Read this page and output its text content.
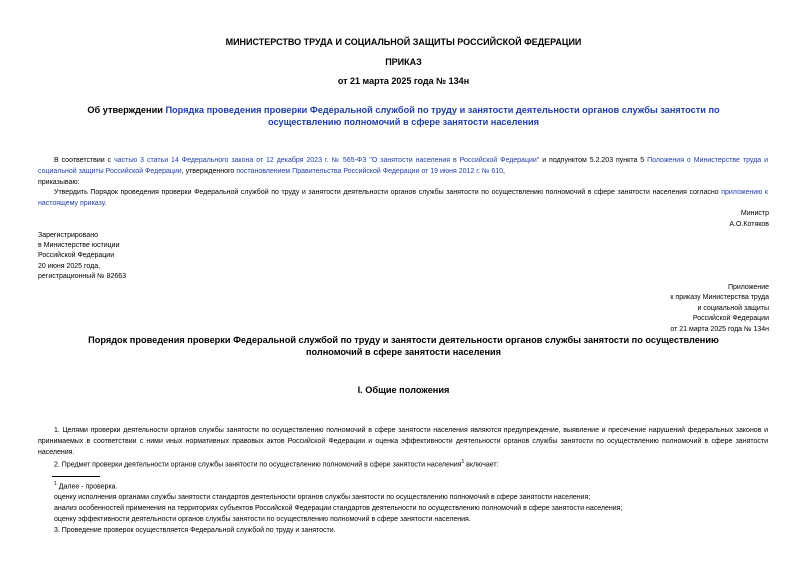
МИНИСТЕРСТВО ТРУДА И СОЦИАЛЬНОЙ ЗАЩИТЫ РОССИЙСКОЙ ФЕДЕРАЦИИ
ПРИКАЗ
от 21 марта 2025 года № 134н
Об утверждении Порядка проведения проверки Федеральной службой по труду и занятости деятельности органов службы занятости по осуществлению полномочий в сфере занятости населения
В соответствии с частью 3 статьи 14 Федерального закона от 12 декабря 2023 г. № 565-ФЗ "О занятости населения в Российской Федерации" и подпунктом 5.2.203 пункта 5 Положения о Министерстве труда и социальной защиты Российской Федерации, утвержденного постановлением Правительства Российской Федерации от 19 июня 2012 г. № 610,
приказываю:
Утвердить Порядок проведения проверки Федеральной службой по труду и занятости деятельности органов службы занятости по осуществлению полномочий в сфере занятости населения согласно приложению к настоящему приказу.
Министр
А.О.Котяков
Зарегистрировано
в Министерстве юстиции
Российской Федерации
20 июня 2025 года,
регистрационный № 82663
Приложение
к приказу Министерства труда
и социальной защиты
Российской Федерации
от 21 марта 2025 года № 134н
Порядок проведения проверки Федеральной службой по труду и занятости деятельности органов службы занятости по осуществлению полномочий в сфере занятости населения
I. Общие положения
1. Целями проверки деятельности органов службы занятости по осуществлению полномочий в сфере занятости населения являются предупреждение, выявление и пресечение нарушений федеральных законов и принимаемых в соответствии с ними иных нормативных правовых актов Российской Федерации и оценка эффективности деятельности органов службы занятости по осуществлению полномочий в сфере занятости населения.
2. Предмет проверки деятельности органов службы занятости по осуществлению полномочий в сфере занятости населения$^1$ включает:
$^1$ Далее - проверка.
оценку исполнения органами службы занятости стандартов деятельности органов службы занятости по осуществлению полномочий в сфере занятости населения;
анализ особенностей применения на территориях субъектов Российской Федерации стандартов деятельности по осуществлению полномочий в сфере занятости населения;
оценку эффективности деятельности органов службы занятости по осуществлению полномочий в сфере занятости населения.
3. Проведение проверок осуществляется Федеральной службой по труду и занятости.
